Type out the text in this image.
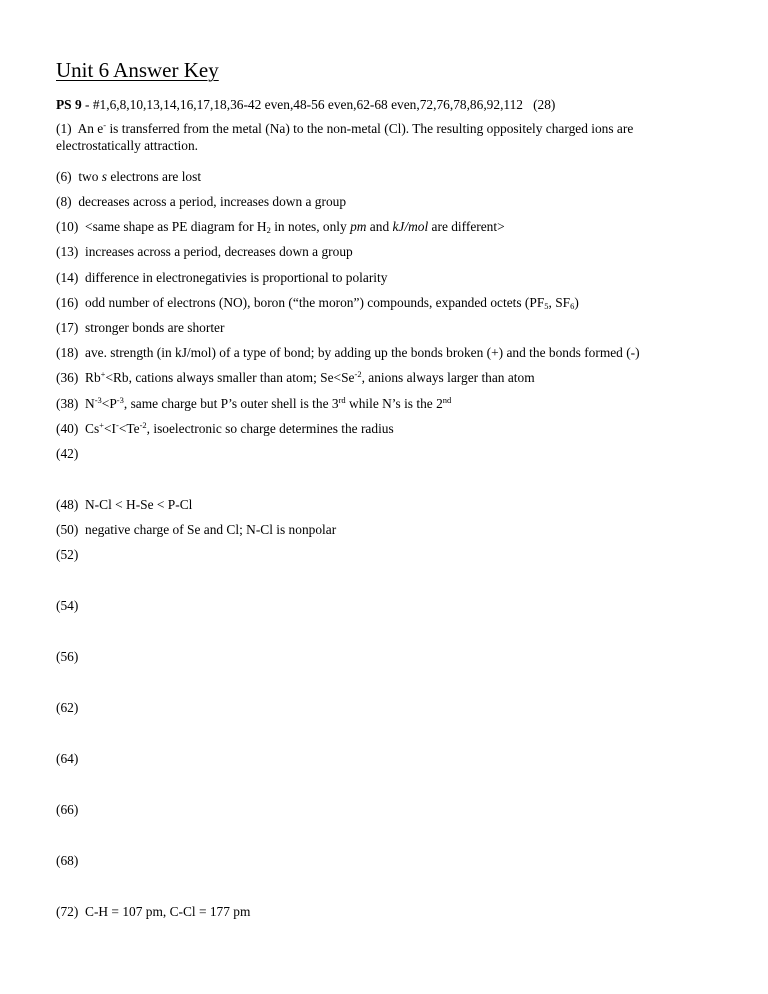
Unit 6 Answer Key
PS 9 - #1,6,8,10,13,14,16,17,18,36-42 even,48-56 even,62-68 even,72,76,78,86,92,112 (28)
(1) An e- is transferred from the metal (Na) to the non-metal (Cl). The resulting oppositely charged ions are electrostatically attraction.
(6) two s electrons are lost
(8) decreases across a period, increases down a group
(10) <same shape as PE diagram for $H_2$ in notes, only pm and kJ/mol are different>
(13) increases across a period, decreases down a group
(14) difference in electronegativies is proportional to polarity
(16) odd number of electrons (NO), boron (“the moron”) compounds, expanded octets ($PF_5$, $SF_6$)
(17) stronger bonds are shorter
(18) ave. strength (in kJ/mol) of a type of bond; by adding up the bonds broken (+) and the bonds formed (-)
(36) Rb+<Rb, cations always smaller than atom; $Se<Se^{-2}$, anions always larger than atom
(38) $N^{-3}<P^{-3}$, same charge but P’s outer shell is the 3rd while N’s is the 2nd
(40) $Cs^+<I^-<Te^{-2}$, isoelectronic so charge determines the radius
(42)
(48) N-Cl < H-Se < P-Cl
(50) negative charge of Se and Cl; N-Cl is nonpolar
(52)
(54)
(56)
(62)
(64)
(66)
(68)
(72) C-H = 107 pm, C-Cl = 177 pm
